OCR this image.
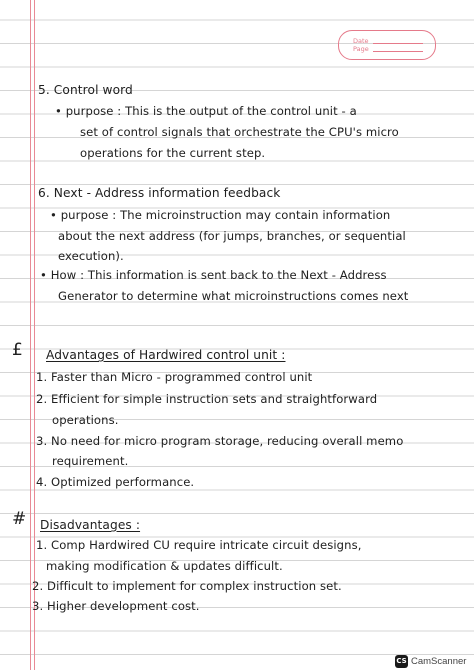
Date
Page
5. Control word
• purpose : This is the output of the control unit - a
set of control signals that orchestrate the CPU's micro
operations for the current step.
6. Next - Address information feedback
• purpose : The microinstruction may contain information
about the next address (for jumps, branches, or sequential
execution).
• How : This information is sent back to the Next - Address
Generator to determine what microinstructions comes next
£ Advantages of Hardwired control unit :
1. Faster than Micro - programmed control unit
2. Efficient for simple instruction sets and straightforward
operations.
3. No need for micro program storage, reducing overall memo
requirement.
4. Optimized performance.
# Disadvantages :
1. Comp Hardwired CU require intricate circuit designs,
making modification & updates difficult.
2. Difficult to implement for complex instruction set.
3. Higher development cost.
CS CamScanner
